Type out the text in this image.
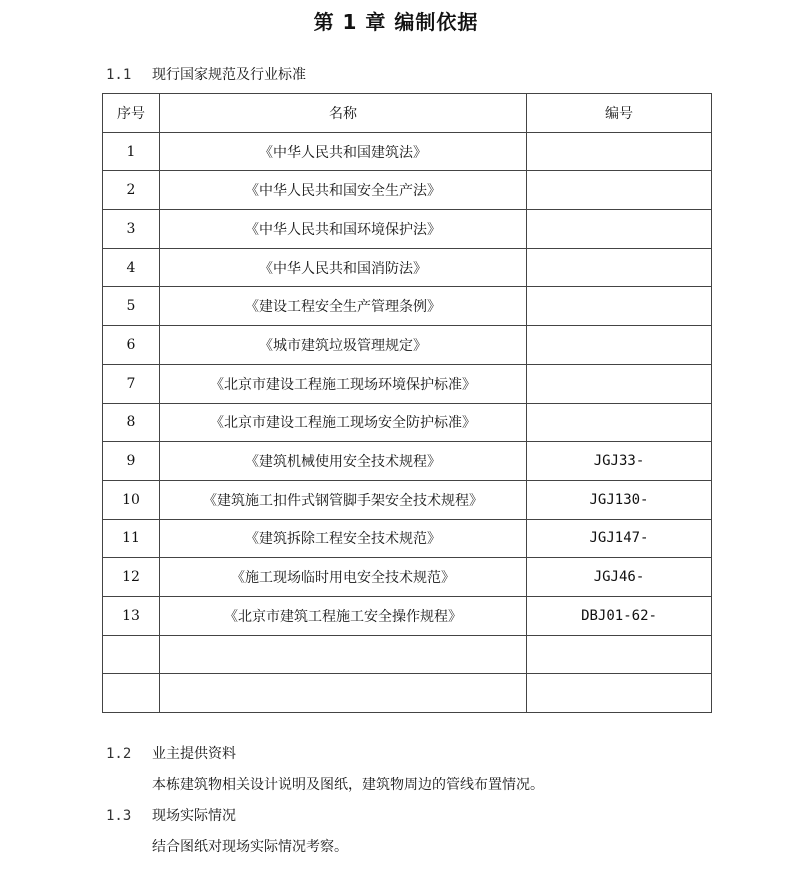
第 1 章 编制依据
1.1 现行国家规范及行业标准
序号	名称	编号
1	《中华人民共和国建筑法》	
2	《中华人民共和国安全生产法》	
3	《中华人民共和国环境保护法》	
4	《中华人民共和国消防法》	
5	《建设工程安全生产管理条例》	
6	《城市建筑垃圾管理规定》	
7	《北京市建设工程施工现场环境保护标准》	
8	《北京市建设工程施工现场安全防护标准》	
9	《建筑机械使用安全技术规程》	JGJ33-
10	《建筑施工扣件式钢管脚手架安全技术规程》	JGJ130-
11	《建筑拆除工程安全技术规范》	JGJ147-
12	《施工现场临时用电安全技术规范》	JGJ46-
13	《北京市建筑工程施工安全操作规程》	DBJ01-62-

1.2 业主提供资料
本栋建筑物相关设计说明及图纸，建筑物周边的管线布置情况。
1.3 现场实际情况
结合图纸对现场实际情况考察。
